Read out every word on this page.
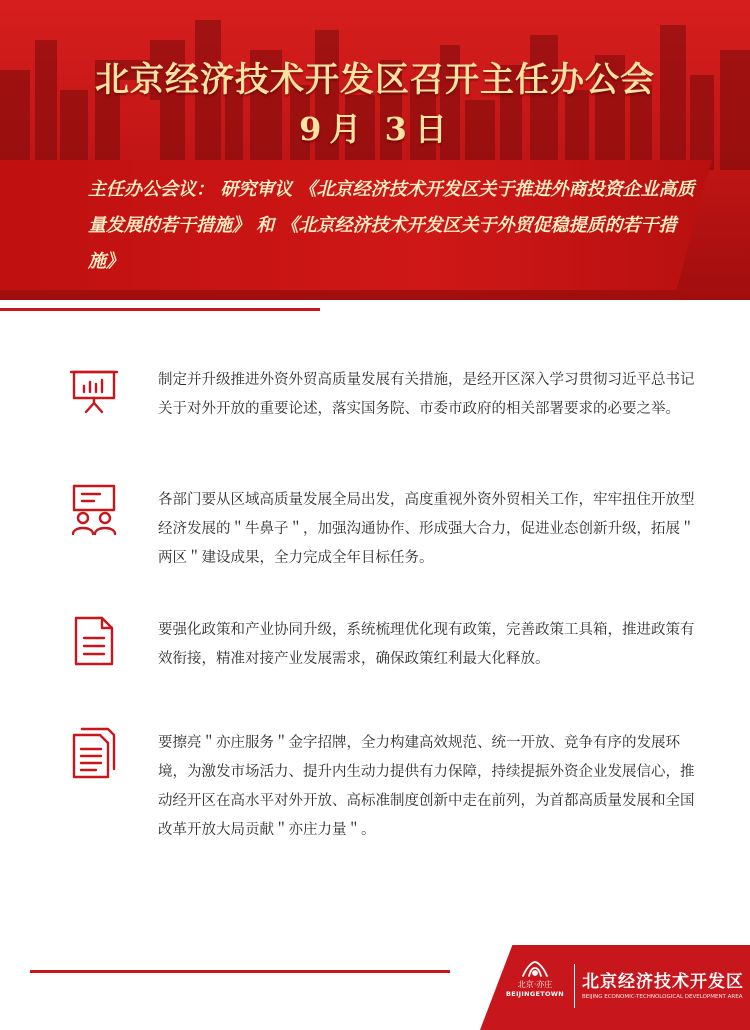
北京经济技术开发区召开主任办公会
9 月 3 日
主任办公会议： 研究审议 《北京经济技术开发区关于推进外商投资企业高质量发展的若干措施》 和 《北京经济技术开发区关于外贸促稳提质的若干措施》
制定并升级推进外资外贸高质量发展有关措施，是经开区深入学习贯彻习近平总书记关于对外开放的重要论述，落实国务院、市委市政府的相关部署要求的必要之举。
各部门要从区域高质量发展全局出发，高度重视外资外贸相关工作，牢牢扭住开放型经济发展的＂牛鼻子＂，加强沟通协作、形成强大合力，促进业态创新升级，拓展＂两区＂建设成果，全力完成全年目标任务。
要强化政策和产业协同升级，系统梳理优化现有政策，完善政策工具箱，推进政策有效衔接，精准对接产业发展需求，确保政策红利最大化释放。
要擦亮＂亦庄服务＂金字招牌，全力构建高效规范、统一开放、竞争有序的发展环境，为激发市场活力、提升内生动力提供有力保障，持续提振外资企业发展信心，推动经开区在高水平对外开放、高标准制度创新中走在前列，为首都高质量发展和全国改革开放大局贡献＂亦庄力量＂。
北京·亦庄
BEIJINGETOWN
北京经济技术开发区
BEIJING ECONOMIC-TECHNOLOGICAL DEVELOPMENT AREA
